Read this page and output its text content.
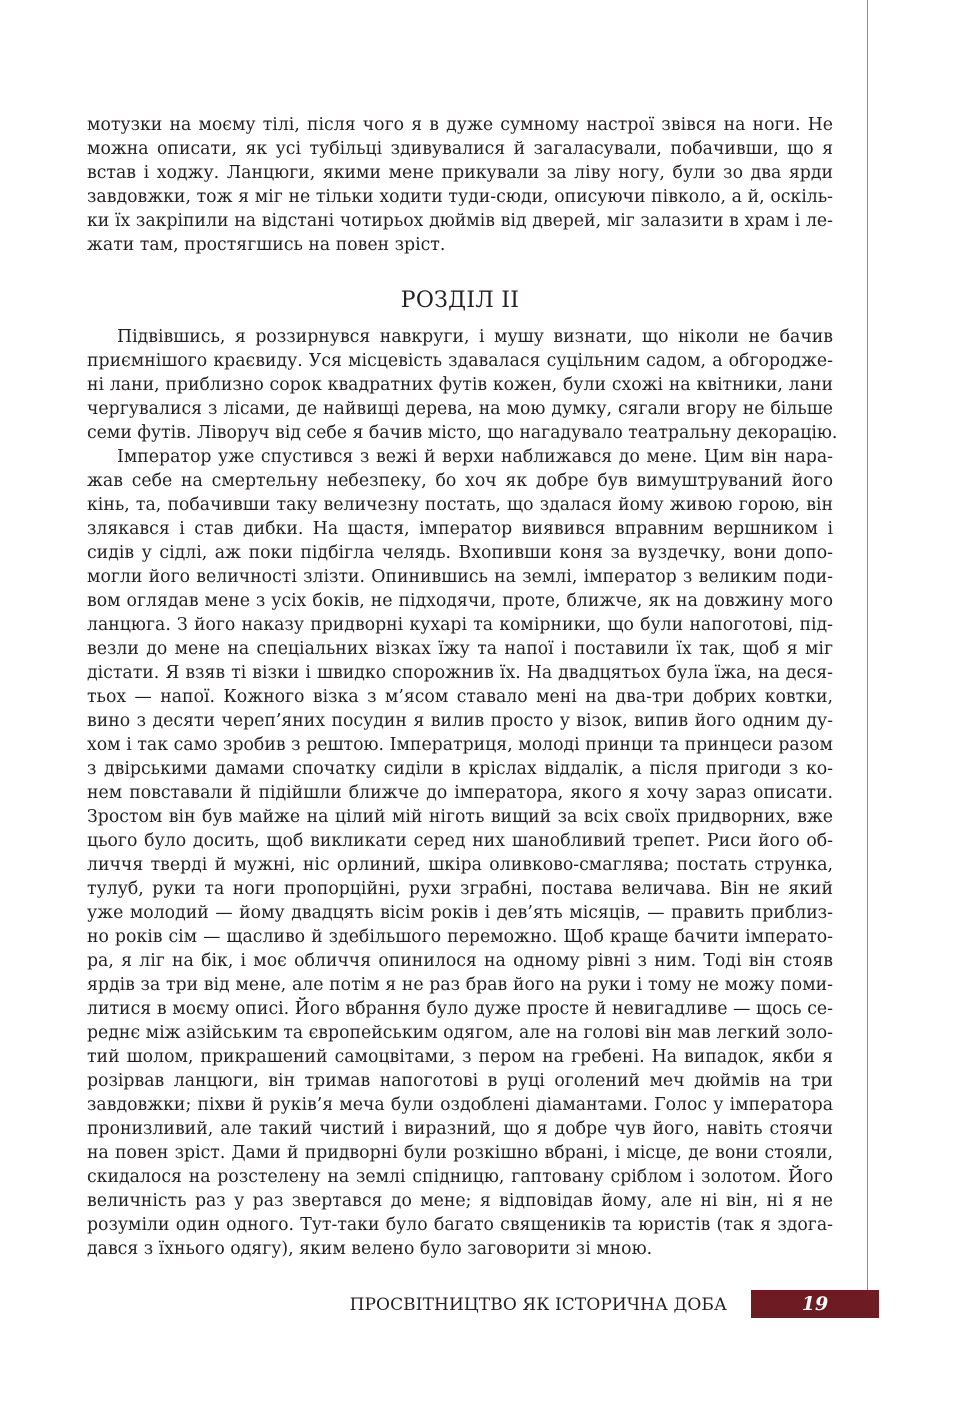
мотузки на моєму тілі, після чого я в дуже сумному настрої звівся на ноги. Не
можна описати, як усі тубільці здивувалися й загаласували, побачивши, що я
встав і ходжу. Ланцюги, якими мене прикували за ліву ногу, були зо два ярди
завдовжки, тож я міг не тільки ходити туди-сюди, описуючи півколо, а й, оскіль-
ки їх закріпили на відстані чотирьох дюймів від дверей, міг залазити в храм і ле-
жати там, простягшись на повен зріст.
РОЗДІЛ II
Підвівшись, я роззирнувся навкруги, і мушу визнати, що ніколи не бачив
приємнішого краєвиду. Уся місцевість здавалася суцільним садом, а обгородже-
ні лани, приблизно сорок квадратних футів кожен, були схожі на квітники, лани
чергувалися з лісами, де найвищі дерева, на мою думку, сягали вгору не більше
семи футів. Ліворуч від себе я бачив місто, що нагадувало театральну декорацію.
Імператор уже спустився з вежі й верхи наближався до мене. Цим він нара-
жав себе на смертельну небезпеку, бо хоч як добре був вимуштруваний його
кінь, та, побачивши таку величезну постать, що здалася йому живою горою, він
злякався і став дибки. На щастя, імператор виявився вправним вершником і
сидів у сідлі, аж поки підбігла челядь. Вхопивши коня за вуздечку, вони допо-
могли його величності злізти. Опинившись на землі, імператор з великим поди-
вом оглядав мене з усіх боків, не підходячи, проте, ближче, як на довжину мого
ланцюга. З його наказу придворні кухарі та комірники, що були напоготові, під-
везли до мене на спеціальних візках їжу та напої і поставили їх так, щоб я міг
дістати. Я взяв ті візки і швидко спорожнив їх. На двадцятьох була їжа, на деся-
тьох — напої. Кожного візка з м’ясом ставало мені на два-три добрих ковтки,
вино з десяти череп’яних посудин я вилив просто у візок, випив його одним ду-
хом і так само зробив з рештою. Імператриця, молоді принци та принцеси разом
з двірськими дамами спочатку сиділи в кріслах віддалік, а після пригоди з ко-
нем повставали й підійшли ближче до імператора, якого я хочу зараз описати.
Зростом він був майже на цілий мій ніготь вищий за всіх своїх придворних, вже
цього було досить, щоб викликати серед них шанобливий трепет. Риси його об-
личчя тверді й мужні, ніс орлиний, шкіра оливково-смаглява; постать струнка,
тулуб, руки та ноги пропорційні, рухи зграбні, постава величава. Він не який
уже молодий — йому двадцять вісім років і дев’ять місяців, — править приблиз-
но років сім — щасливо й здебільшого переможно. Щоб краще бачити імперато-
ра, я ліг на бік, і моє обличчя опинилося на одному рівні з ним. Тоді він стояв
ярдів за три від мене, але потім я не раз брав його на руки і тому не можу поми-
литися в моєму описі. Його вбрання було дуже просте й невигадливе — щось се-
реднє між азійським та європейським одягом, але на голові він мав легкий золо-
тий шолом, прикрашений самоцвітами, з пером на гребені. На випадок, якби я
розірвав ланцюги, він тримав напоготові в руці оголений меч дюймів на три
завдовжки; піхви й руків’я меча були оздоблені діамантами. Голос у імператора
пронизливий, але такий чистий і виразний, що я добре чув його, навіть стоячи
на повен зріст. Дами й придворні були розкішно вбрані, і місце, де вони стояли,
скидалося на розстелену на землі спідницю, гаптовану сріблом і золотом. Його
величність раз у раз звертався до мене; я відповідав йому, але ні він, ні я не
розуміли один одного. Тут-таки було багато священиків та юристів (так я здога-
дався з їхнього одягу), яким велено було заговорити зі мною.
ПРОСВІТНИЦТВО ЯК ІСТОРИЧНА ДОБА	19
